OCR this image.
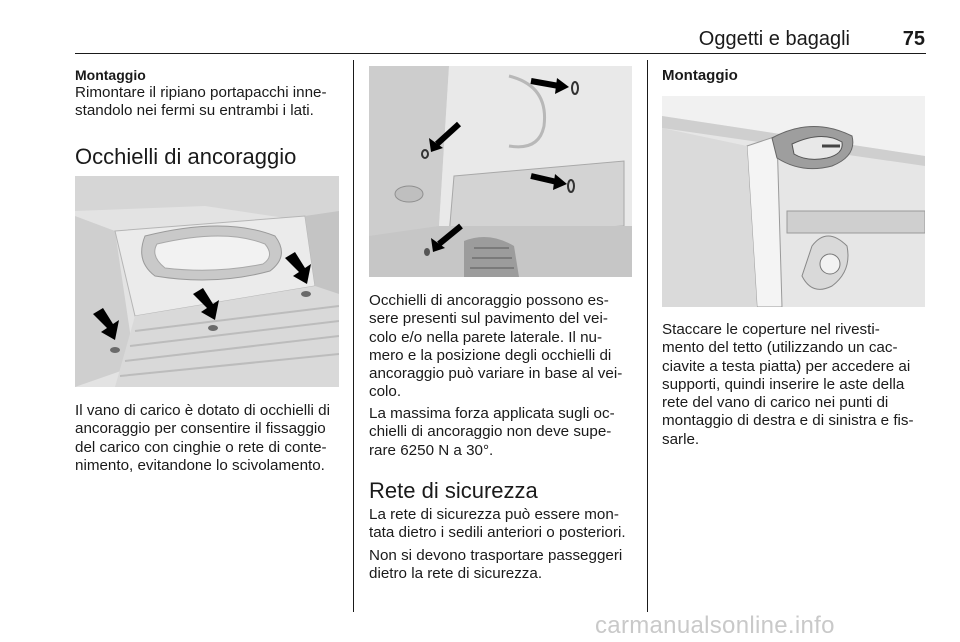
Oggetti e bagagli	75
Montaggio
Rimontare il ripiano portapacchi inne-
standolo nei fermi su entrambi i lati.
Occhielli di ancoraggio
Il vano di carico è dotato di occhielli di
ancoraggio per consentire il fissaggio
del carico con cinghie o rete di conte-
nimento, evitandone lo scivolamento.
Occhielli di ancoraggio possono es-
sere presenti sul pavimento del vei-
colo e/o nella parete laterale. Il nu-
mero e la posizione degli occhielli di
ancoraggio può variare in base al vei-
colo.
La massima forza applicata sugli oc-
chielli di ancoraggio non deve supe-
rare 6250 N a 30°.
Rete di sicurezza
La rete di sicurezza può essere mon-
tata dietro i sedili anteriori o posteriori.
Non si devono trasportare passeggeri
dietro la rete di sicurezza.
Montaggio
Staccare le coperture nel rivesti-
mento del tetto (utilizzando un cac-
ciavite a testa piatta) per accedere ai
supporti, quindi inserire le aste della
rete del vano di carico nei punti di
montaggio di destra e di sinistra e fis-
sarle.
carmanualsonline.info
